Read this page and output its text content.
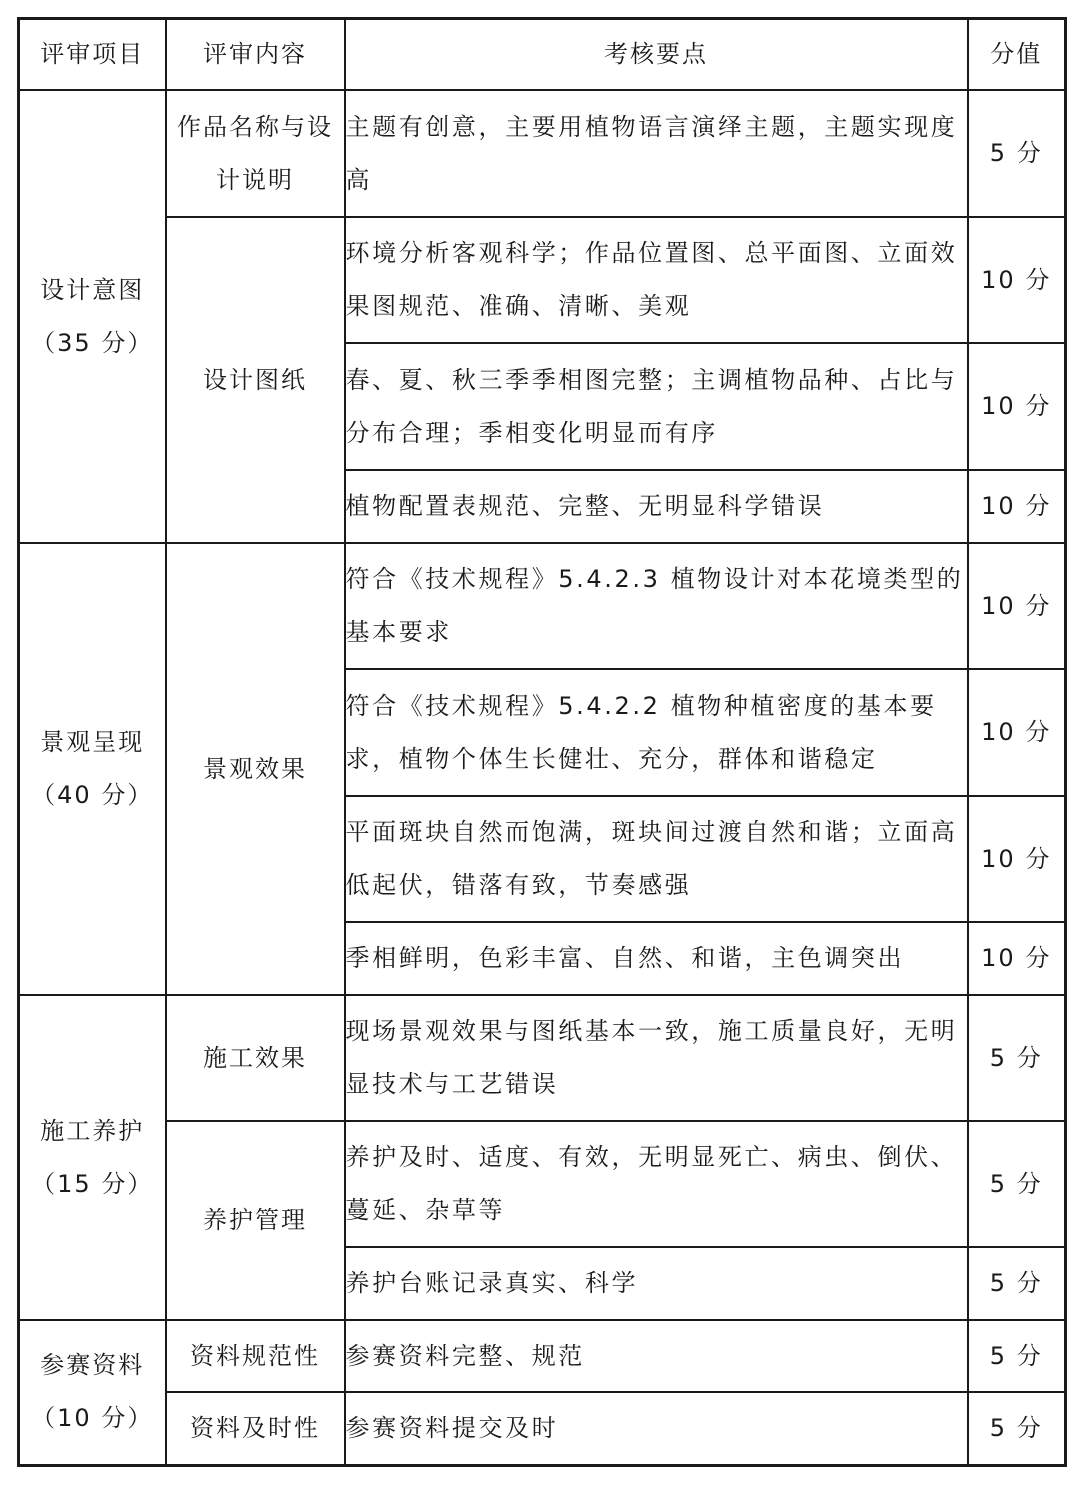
评审项目	评审内容	考核要点	分值

设计意图
（35 分）	作品名称与设计说明	主题有创意，主要用植物语言演绎主题，主题实现度高	5 分
	设计图纸	环境分析客观科学；作品位置图、总平面图、立面效果图规范、准确、清晰、美观	10 分
		春、夏、秋三季季相图完整；主调植物品种、占比与分布合理；季相变化明显而有序	10 分
		植物配置表规范、完整、无明显科学错误	10 分

景观呈现
（40 分）	景观效果	符合《技术规程》5.4.2.3 植物设计对本花境类型的基本要求	10 分
		符合《技术规程》5.4.2.2 植物种植密度的基本要求，植物个体生长健壮、充分，群体和谐稳定	10 分
		平面斑块自然而饱满，斑块间过渡自然和谐；立面高低起伏，错落有致，节奏感强	10 分
		季相鲜明，色彩丰富、自然、和谐，主色调突出	10 分

施工养护
（15 分）	施工效果	现场景观效果与图纸基本一致，施工质量良好，无明显技术与工艺错误	5 分
	养护管理	养护及时、适度、有效，无明显死亡、病虫、倒伏、蔓延、杂草等	5 分
		养护台账记录真实、科学	5 分

参赛资料
（10 分）	资料规范性	参赛资料完整、规范	5 分
	资料及时性	参赛资料提交及时	5 分
